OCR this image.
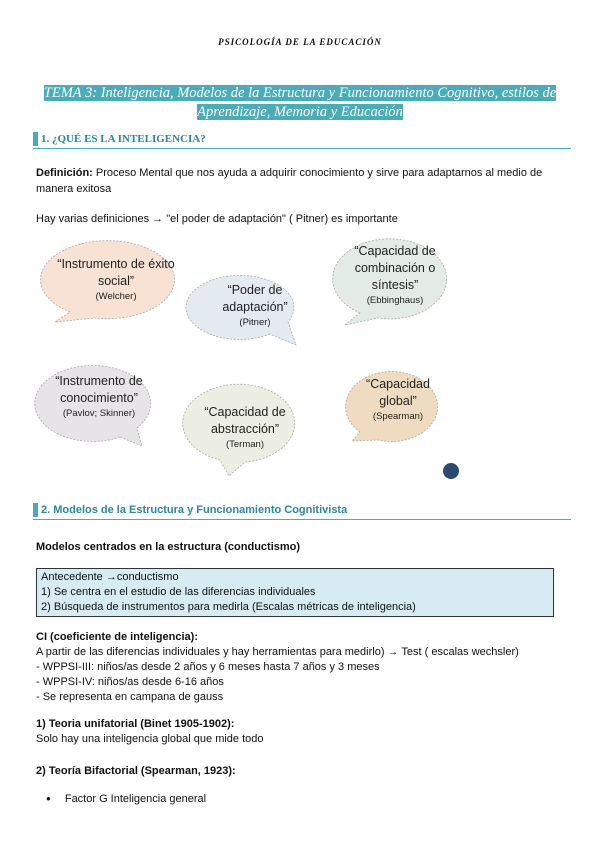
PSICOLOGÍA DE LA EDUCACIÓN
TEMA 3: Inteligencia, Modelos de la Estructura y Funcionamiento Cognitivo, estilos de
Aprendizaje, Memoria y Educación
1. ¿QUÉ ES LA INTELIGENCIA?
Definición: Proceso Mental que nos ayuda a adquirir conocimiento y sirve para adaptarnos al medio de manera exitosa
Hay varias definiciones → "el poder de adaptación" ( Pitner) es importante
“Instrumento de éxito social”
(Welcher)	“Poder de adaptación”
(Pitner)
“Capacidad de combinación o síntesis”
(Ebbinghaus)
“Instrumento de conocimiento”
(Pavlov; Skinner)	“Capacidad de abstracción”
(Terman)
“Capacidad global”
(Spearman)
2. Modelos de la Estructura y Funcionamiento Cognitivista
Modelos centrados en la estructura (conductismo)
Antecedente →conductismo
1) Se centra en el estudio de las diferencias individuales
2) Búsqueda de instrumentos para medirla (Escalas métricas de inteligencia)
CI (coeficiente de inteligencia):
A partir de las diferencias individuales y hay herramientas para medirlo) → Test ( escalas wechsler)
- WPPSI-III: niños/as desde 2 años y 6 meses hasta 7 años y 3 meses
- WPPSI-IV: niños/as desde 6-16 años
- Se representa en campana de gauss
1) Teoria unifatorial (Binet 1905-1902):
Solo hay una inteligencia global que mide todo
2) Teoría Bifactorial (Spearman, 1923):
● Factor G Inteligencia general
